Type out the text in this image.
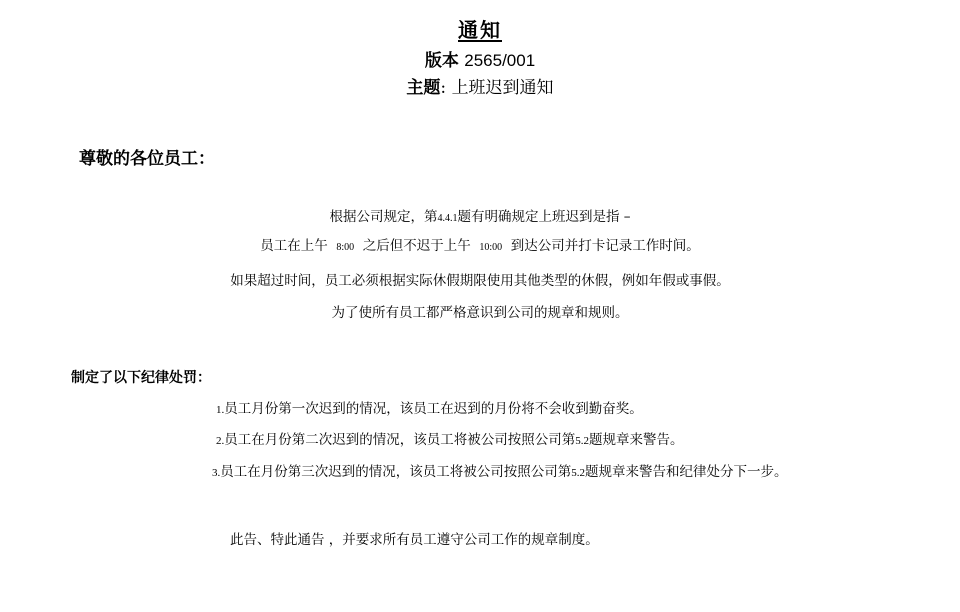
通知
版本 2565/001
主题: 上班迟到通知
尊敬的各位员工：
根据公司规定，第4.4.1题有明确规定上班迟到是指 –
员工在上午 8:00 之后但不迟于上午 10:00 到达公司并打卡记录工作时间。
如果超过时间，员工必须根据实际休假期限使用其他类型的休假，例如年假或事假。
为了使所有员工都严格意识到公司的规章和规则。
制定了以下纪律处罚：
1.员工月份第一次迟到的情况，该员工在迟到的月份将不会收到勤奋奖。
2.员工在月份第二次迟到的情况，该员工将被公司按照公司第5.2题规章来警告。
3.员工在月份第三次迟到的情况，该员工将被公司按照公司第5.2题规章来警告和纪律处分下一步。
此告、特此通告 ，并要求所有员工遵守公司工作的规章制度。
